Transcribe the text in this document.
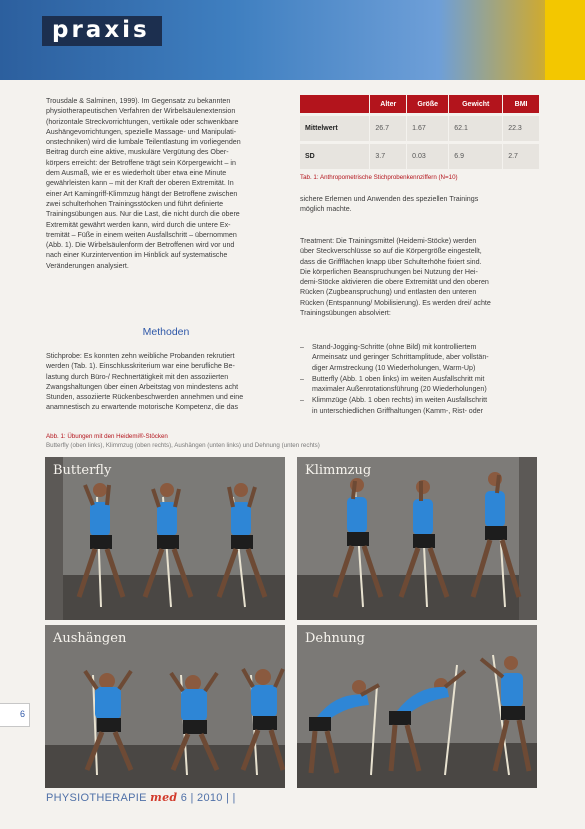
praxis
Trousdale & Salminen, 1999). Im Gegensatz zu bekannten
physiotherapeutischen Verfahren der Wirbelsäulenextension
(horizontale Streckvorrichtungen, vertikale oder schwenkbare
Aushängevorrichtungen, spezielle Massage- und Manipulati-
onstechniken) wird die lumbale Teilentlastung im vorliegenden
Beitrag durch eine aktive, muskuläre Vergütung des Ober-
körpers erreicht: der Betroffene trägt sein Körpergewicht – in
dem Ausmaß, wie er es wiederholt über etwa eine Minute
gewährleisten kann – mit der Kraft der oberen Extremität. In
einer Art Kamingriff-Klimmzug hängt der Betroffene zwischen
zwei schulterhohen Trainingsstöcken und führt definierte
Trainingsübungen aus. Nur die Last, die nicht durch die obere
Extremität gewährt werden kann, wird durch die untere Ex-
tremität – Füße in einem weiten Ausfallschritt – übernommen
(Abb. 1). Die Wirbelsäulenform der Betroffenen wird vor und
nach einer Kurzintervention im Hinblick auf systematische
Veränderungen analysiert.
Methoden
Stichprobe: Es konnten zehn weibliche Probanden rekrutiert
werden (Tab. 1). Einschlusskriterium war eine berufliche Be-
lastung durch Büro-/ Rechnertätigkeit mit den assoziierten
Zwangshaltungen über einen Arbeitstag von mindestens acht
Stunden, assoziierte Rückenbeschwerden annehmen und eine
anamnestisch zu erwartende motorische Kompetenz, die das
	Alter	Größe	Gewicht	BMI
Mittelwert	26.7	1.67	62.1	22.3
SD	3.7	0.03	6.9	2.7
Tab. 1: Anthropometrische Stichprobenkennziffern (N=10)
sichere Erlernen und Anwenden des speziellen Trainings
möglich machte.
Treatment: Die Trainingsmittel (Heidemi-Stöcke) werden
über Steckverschlüsse so auf die Körpergröße eingestellt,
dass die Griffflächen knapp über Schulterhöhe fixiert sind.
Die körperlichen Beanspruchungen bei Nutzung der Hei-
demi-Stöcke aktivieren die obere Extremität und den oberen
Rücken (Zugbeanspruchung) und entlasten den unteren
Rücken (Entspannung/ Mobilisierung). Es werden drei/ achte
Trainingsübungen absolviert:
– Stand-Jogging-Schritte (ohne Bild) mit kontrolliertem
Armeinsatz und geringer Schrittamplitude, aber vollstän-
diger Armstreckung (10 Wiederholungen, Warm-Up)
– Butterfly (Abb. 1 oben links) im weiten Ausfallschritt mit
maximaler Außenrotationsführung (20 Wiederholungen)
– Klimmzüge (Abb. 1 oben rechts) im weiten Ausfallschritt
in unterschiedlichen Griffhaltungen (Kamm-, Rist- oder
Abb. 1: Übungen mit den Heidemi®-Stöcken
Butterfly (oben links), Klimmzug (oben rechts), Aushängen (unten links) und Dehnung (unten rechts)
Butterfly	Klimmzug
Aushängen	Dehnung
6
PHYSIOTHERAPIE med 6 | 2010 | |
